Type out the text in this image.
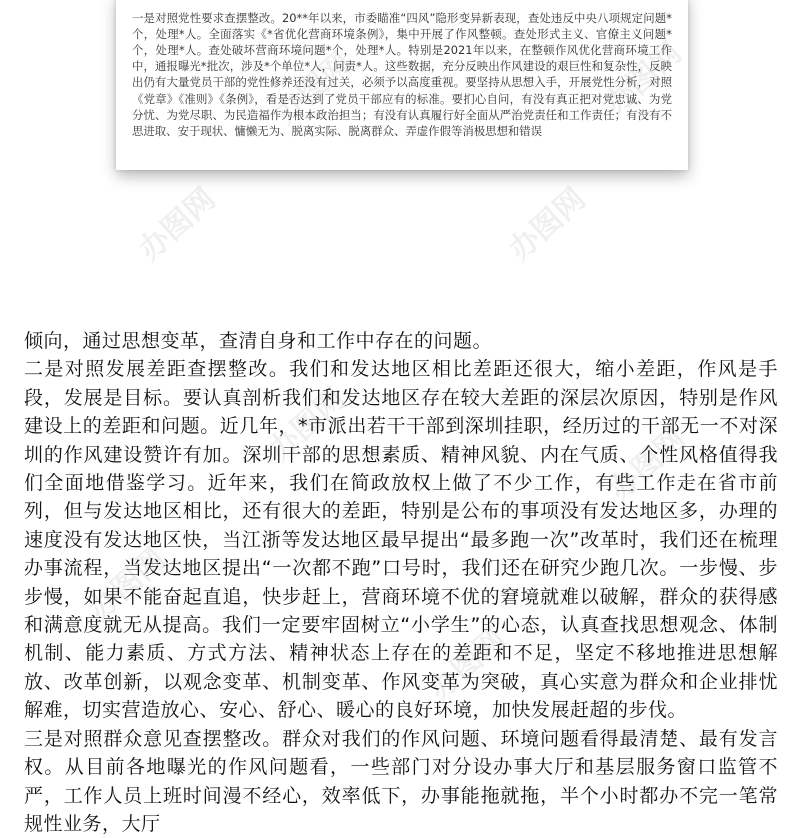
一是对照党性要求查摆整改。20**年以来，市委瞄准“四风”隐形变异新表现，查处违反中央八项规定问题*个，处理*人。全面落实《*省优化营商环境条例》，集中开展了作风整顿。查处形式主义、官僚主义问题*个，处理*人。查处破坏营商环境问题*个，处理*人。特别是2021年以来，在整顿作风优化营商环境工作中，通报曝光*批次，涉及*个单位*人，问责*人。这些数据，充分反映出作风建设的艰巨性和复杂性，反映出仍有大量党员干部的党性修养还没有过关，必须予以高度重视。要坚持从思想入手，开展党性分析，对照《党章》《准则》《条例》，看是否达到了党员干部应有的标准。要扪心自问，有没有真正把对党忠诚、为党分忧、为党尽职、为民造福作为根本政治担当；有没有认真履行好全面从严治党责任和工作责任；有没有不思进取、安于现状、慵懒无为、脱离实际、脱离群众、弄虚作假等消极思想和错误

办图网	办图网
办图网	办图网
办图网	办图网
办图网
办图网

倾向，通过思想变革，查清自身和工作中存在的问题。

二是对照发展差距查摆整改。我们和发达地区相比差距还很大，缩小差距，作风是手段，发展是目标。要认真剖析我们和发达地区存在较大差距的深层次原因，特别是作风建设上的差距和问题。近几年，*市派出若干干部到深圳挂职，经历过的干部无一不对深圳的作风建设赞许有加。深圳干部的思想素质、精神风貌、内在气质、个性风格值得我们全面地借鉴学习。近年来，我们在简政放权上做了不少工作，有些工作走在省市前列，但与发达地区相比，还有很大的差距，特别是公布的事项没有发达地区多，办理的速度没有发达地区快，当江浙等发达地区最早提出“最多跑一次”改革时，我们还在梳理办事流程，当发达地区提出“一次都不跑”口号时，我们还在研究少跑几次。一步慢、步步慢，如果不能奋起直追，快步赶上，营商环境不优的窘境就难以破解，群众的获得感和满意度就无从提高。我们一定要牢固树立“小学生”的心态，认真查找思想观念、体制机制、能力素质、方式方法、精神状态上存在的差距和不足，坚定不移地推进思想解放、改革创新，以观念变革、机制变革、作风变革为突破，真心实意为群众和企业排忧解难，切实营造放心、安心、舒心、暖心的良好环境，加快发展赶超的步伐。

三是对照群众意见查摆整改。群众对我们的作风问题、环境问题看得最清楚、最有发言权。从目前各地曝光的作风问题看，一些部门对分设办事大厅和基层服务窗口监管不严，工作人员上班时间漫不经心，效率低下，办事能拖就拖，半个小时都办不完一笔常规性业务，大厅
